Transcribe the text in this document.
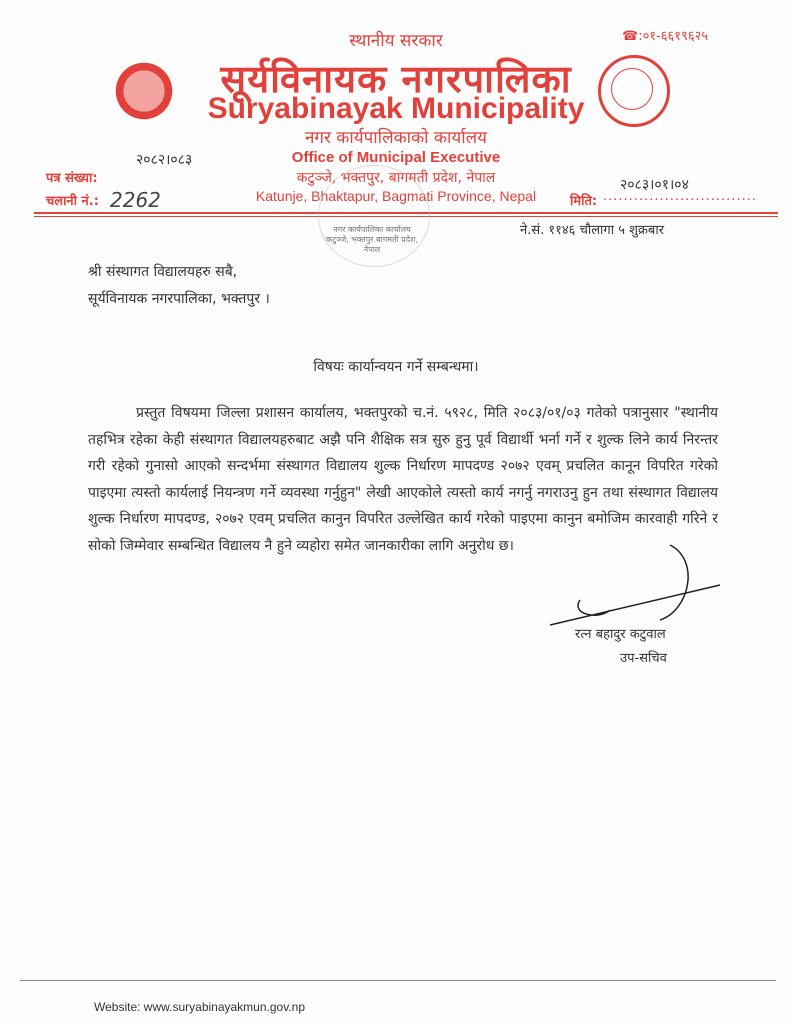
स्थानीय सरकार
सूर्यविनायक नगरपालिका
Suryabinayak Municipality
नगर कार्यपालिकाको कार्यालय
Office of Municipal Executive
कटुञ्जे, भक्तपुर, बागमती प्रदेश, नेपाल
Katunje, Bhaktapur, Bagmati Province, Nepal
☎:०१-६६१९६२५
पत्र संख्या:
२०८२।०८३
चलानी नं.: 2262	मिति: ..............................
२०८३।०१।०४
नगर कार्यपालिका कार्यालय कटुञ्जे, भक्तपुर बागमती प्रदेश, नेपाल
ने.सं. ११४६ चौलागा ५ शुक्रबार
श्री संस्थागत विद्यालयहरु सबै,
सूर्यविनायक नगरपालिका, भक्तपुर ।
विषयः कार्यान्वयन गर्ने सम्बन्धमा।
प्रस्तुत विषयमा जिल्ला प्रशासन कार्यालय, भक्तपुरको च.नं. ५९२८, मिति २०८३/०१/०३ गतेको पत्रानुसार "स्थानीय तहभित्र रहेका केही संस्थागत विद्यालयहरुबाट अझै पनि शैक्षिक सत्र सुरु हुनु पूर्व विद्यार्थी भर्ना गर्ने र शुल्क लिने कार्य निरन्तर गरी रहेको गुनासो आएको सन्दर्भमा संस्थागत विद्यालय शुल्क निर्धारण मापदण्ड २०७२ एवम् प्रचलित कानून विपरित गरेको पाइएमा त्यस्तो कार्यलाई नियन्त्रण गर्ने व्यवस्था गर्नुहुन" लेखी आएकोले त्यस्तो कार्य नगर्नु नगराउनु हुन तथा संस्थागत विद्यालय शुल्क निर्धारण मापदण्ड, २०७२ एवम् प्रचलित कानुन विपरित उल्लेखित कार्य गरेको पाइएमा कानुन बमोजिम कारवाही गरिने र सोको जिम्मेवार सम्बन्धित विद्यालय नै हुने व्यहोरा समेत जानकारीका लागि अनुरोध छ।
रत्न बहादुर कटुवाल
उप-सचिव
Website: www.suryabinayakmun.gov.np
